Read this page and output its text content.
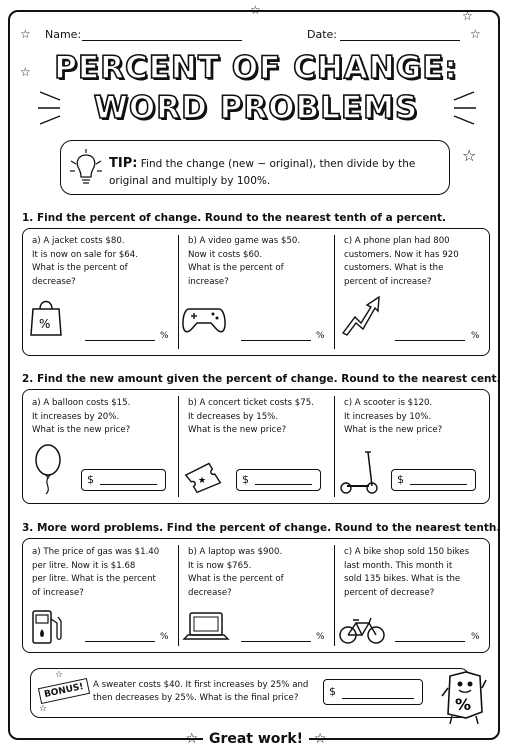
☆
☆
☆
☆
☆
☆
Name:	Date:
PERCENT OF CHANGE:
WORD PROBLEMS
TIP: Find the change (new − original), then divide by the original and multiply by 100%.
1. Find the percent of change. Round to the nearest tenth of a percent.
a) A jacket costs $80.
It is now on sale for $64.
What is the percent of
decrease?
%
%
b) A video game was $50.
Now it costs $60.
What is the percent of
increase?
%
c) A phone plan had 800
customers. Now it has 920
customers. What is the
percent of increase?
%
2. Find the new amount given the percent of change. Round to the nearest cent.
a) A balloon costs $15.
It increases by 20%.
What is the new price?
$
b) A concert ticket costs $75.
It decreases by 15%.
What is the new price?
★	$
c) A scooter is $120.
It increases by 10%.
What is the new price?
$
3. More word problems. Find the percent of change. Round to the nearest tenth.
a) The price of gas was $1.40
per litre. Now it is $1.68
per litre. What is the percent
of increase?
%
b) A laptop was $900.
It is now $765.
What is the percent of
decrease?
%
c) A bike shop sold 150 bikes
last month. This month it
sold 135 bikes. What is the
percent of decrease?
%
BONUS!
☆
☆
A sweater costs $40. It first increases by 25% and then decreases by 25%. What is the final price?	$
%
☆ Great work! ☆
